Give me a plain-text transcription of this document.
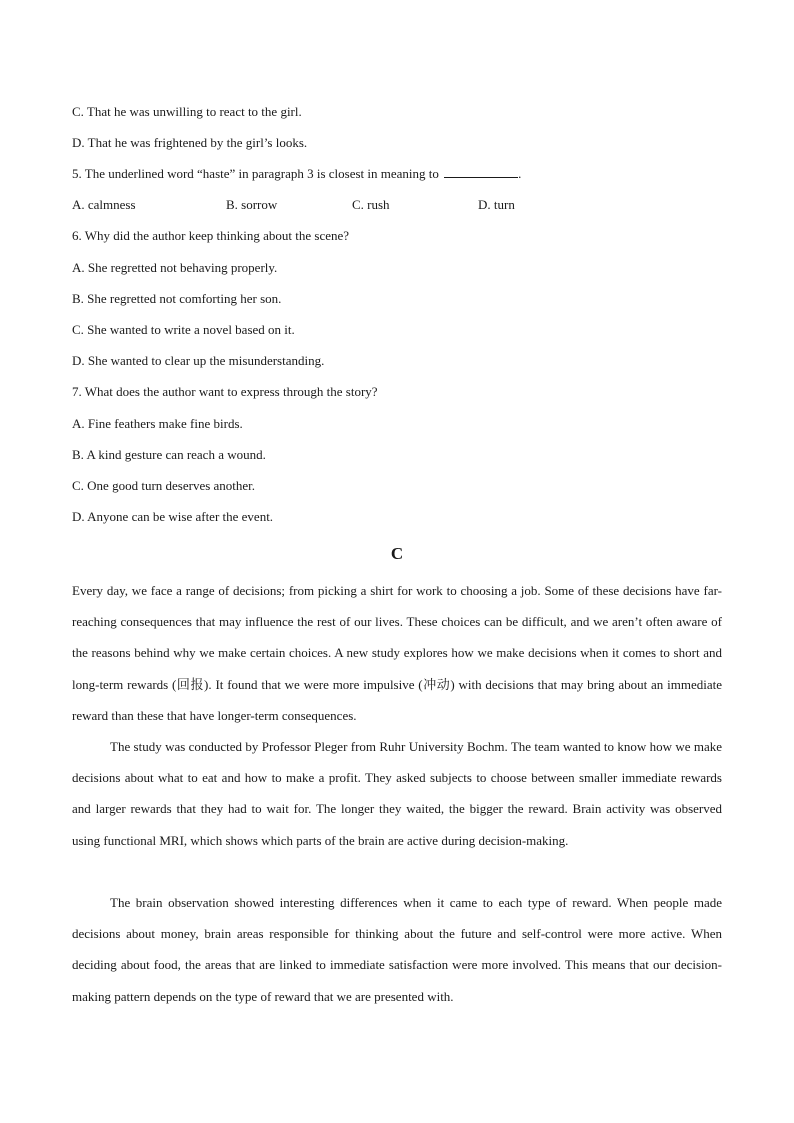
C. That he was unwilling to react to the girl.
D. That he was frightened by the girl’s looks.
5. The underlined word “haste” in paragraph 3 is closest in meaning to	.
A. calmness	B. sorrow	C. rush	D. turn
6. Why did the author keep thinking about the scene?
A. She regretted not behaving properly.
B. She regretted not comforting her son.
C. She wanted to write a novel based on it.
D. She wanted to clear up the misunderstanding.
7. What does the author want to express through the story?
A. Fine feathers make fine birds.
B. A kind gesture can reach a wound.
C. One good turn deserves another.
D. Anyone can be wise after the event.
C

Every day, we face a range of decisions; from picking a shirt for work to choosing a job. Some of these decisions have far-reaching consequences that may influence the rest of our lives. These choices can be difficult, and we aren’t often aware of the reasons behind why we make certain choices. A new study explores how we make decisions when it comes to short and long-term rewards (回报). It found that we were more impulsive (冲动) with decisions that may bring about an immediate reward than these that have longer-term consequences.

The study was conducted by Professor Pleger from Ruhr University Bochm. The team wanted to know how we make decisions about what to eat and how to make a profit. They asked subjects to choose between smaller immediate rewards and larger rewards that they had to wait for. The longer they waited, the bigger the reward. Brain activity was observed using functional MRI, which shows which parts of the brain are active during decision-making.

The brain observation showed interesting differences when it came to each type of reward. When people made decisions about money, brain areas responsible for thinking about the future and self-control were more active. When deciding about food, the areas that are linked to immediate satisfaction were more involved. This means that our decision-making pattern depends on the type of reward that we are presented with.
